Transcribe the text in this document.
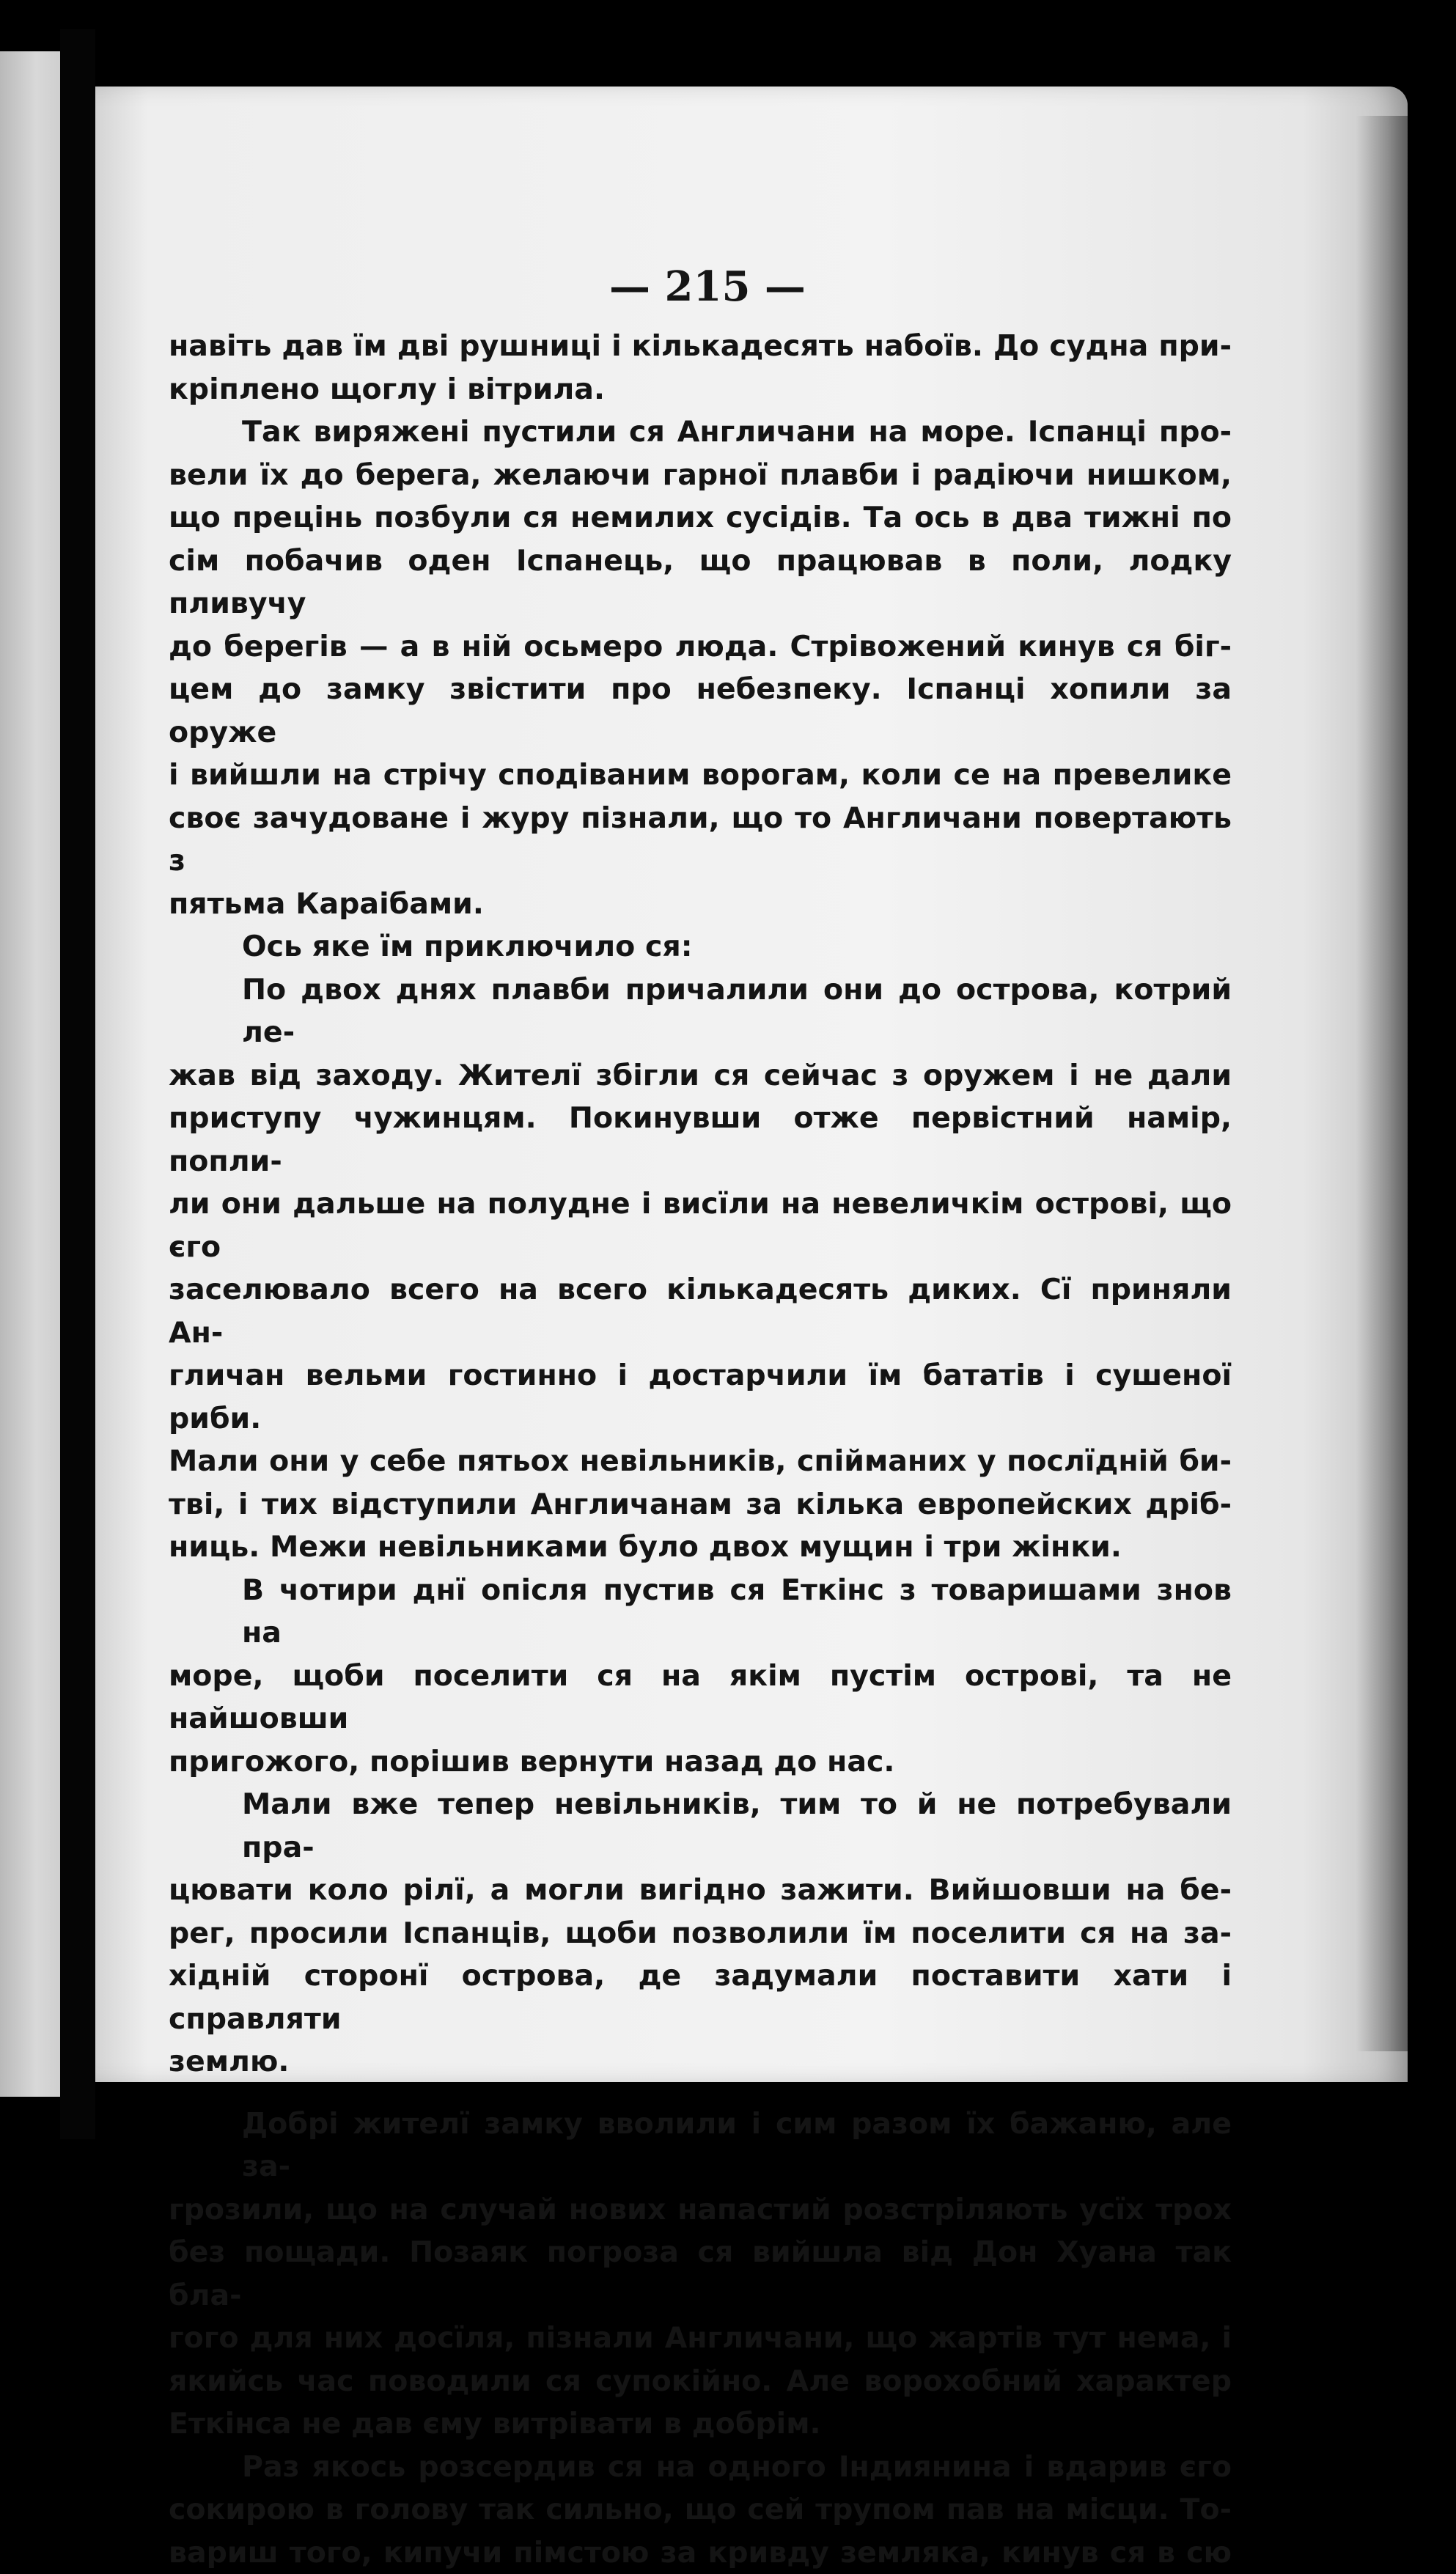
— 215 —

навіть дав їм дві рушниці і кількадесять набоїв. До судна при-

кріплено щоглу і вітрила.

Так виряжені пустили ся Англичани на море. Іспанці про-

вели їх до берега, желаючи гарної плавби і радіючи нишком,

що прецінь позбули ся немилих сусідів. Та ось в два тижні по

сім побачив оден Іспанець, що працював в поли, лодку пливучу

до берегів — а в ній осьмеро люда. Стрівожений кинув ся біг-

цем до замку звістити про небезпеку. Іспанці хопили за оруже

і вийшли на стрічу сподіваним ворогам, коли се на превелике

своє зачудоване і журу пізнали, що то Англичани повертають з

пятьма Караібами.

Ось яке їм приключило ся:

По двох днях плавби причалили они до острова, котрий ле-

жав від заходу. Жителї збігли ся сейчас з оружем і не дали

приступу чужинцям. Покинувши отже первістний намір, попли-

ли они дальше на полудне і висїли на невеличкім острові, що єго

заселювало всего на всего кількадесять диких. Сї приняли Ан-

гличан вельми гостинно і достарчили їм бататів і сушеної риби.

Мали они у себе пятьох невільників, спійманих у послїдній би-

тві, і тих відступили Англичанам за кілька европейских дріб-

ниць. Межи невільниками було двох мущин і три жінки.

В чотири днї опісля пустив ся Еткінс з товаришами знов на

море, щоби поселити ся на якім пустім острові, та не найшовши

пригожого, порішив вернути назад до нас.

Мали вже тепер невільників, тим то й не потребували пра-

цювати коло рілї, а могли вигідно зажити. Вийшовши на бе-

рег, просили Іспанців, щоби позволили їм поселити ся на за-

хідній сторонї острова, де задумали поставити хати і справляти

землю.

Добрі жителї замку вволили і сим разом їх бажаню, але за-

грозили, що на случай нових напастий розстріляють усїх трох

без пощади. Позаяк погроза ся вийшла від Дон Хуана так бла-

гого для них досїля, пізнали Англичани, що жартів тут нема, і

якийсь час поводили ся супокійно. Але ворохобний характер

Еткінса не дав єму витрівати в добрім.

Раз якось розсердив ся на одного Індиянина і вдарив єго

сокирою в голову так сильно, що сей трупом пав на місци. То-

вариш того, кипучи пімстою за кривду земляка, кинув ся в сю
